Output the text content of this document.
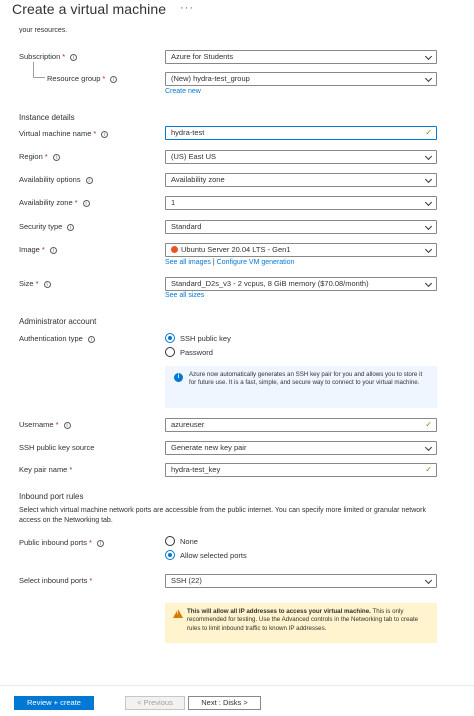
Create a virtual machine ···
your resources.
Subscription * i	Azure for Students
Resource group * i	(New) hydra-test_group
Create new
Instance details
Virtual machine name * i	hydra-test	✓
Region * i	(US) East US
Availability options i	Availability zone
Availability zone * i	1
Security type i	Standard
Image * i	Ubuntu Server 20.04 LTS - Gen1
See all images | Configure VM generation
Size * i	Standard_D2s_v3 - 2 vcpus, 8 GiB memory ($70.08/month)
See all sizes
Administrator account
Authentication type i	SSH public key
Password
i	Azure now automatically generates an SSH key pair for you and allows you to store it for future use. It is a fast, simple, and secure way to connect to your virtual machine.
Username * i	azureuser	✓
SSH public key source	Generate new key pair
Key pair name *	hydra-test_key	✓
Inbound port rules
Select which virtual machine network ports are accessible from the public internet. You can specify more limited or granular network access on the Networking tab.
Public inbound ports * i	None
Allow selected ports
Select inbound ports *	SSH (22)
! This will allow all IP addresses to access your virtual machine. This is only recommended for testing. Use the Advanced controls in the Networking tab to create rules to limit inbound traffic to known IP addresses.
Review + create	< Previous	Next : Disks >
